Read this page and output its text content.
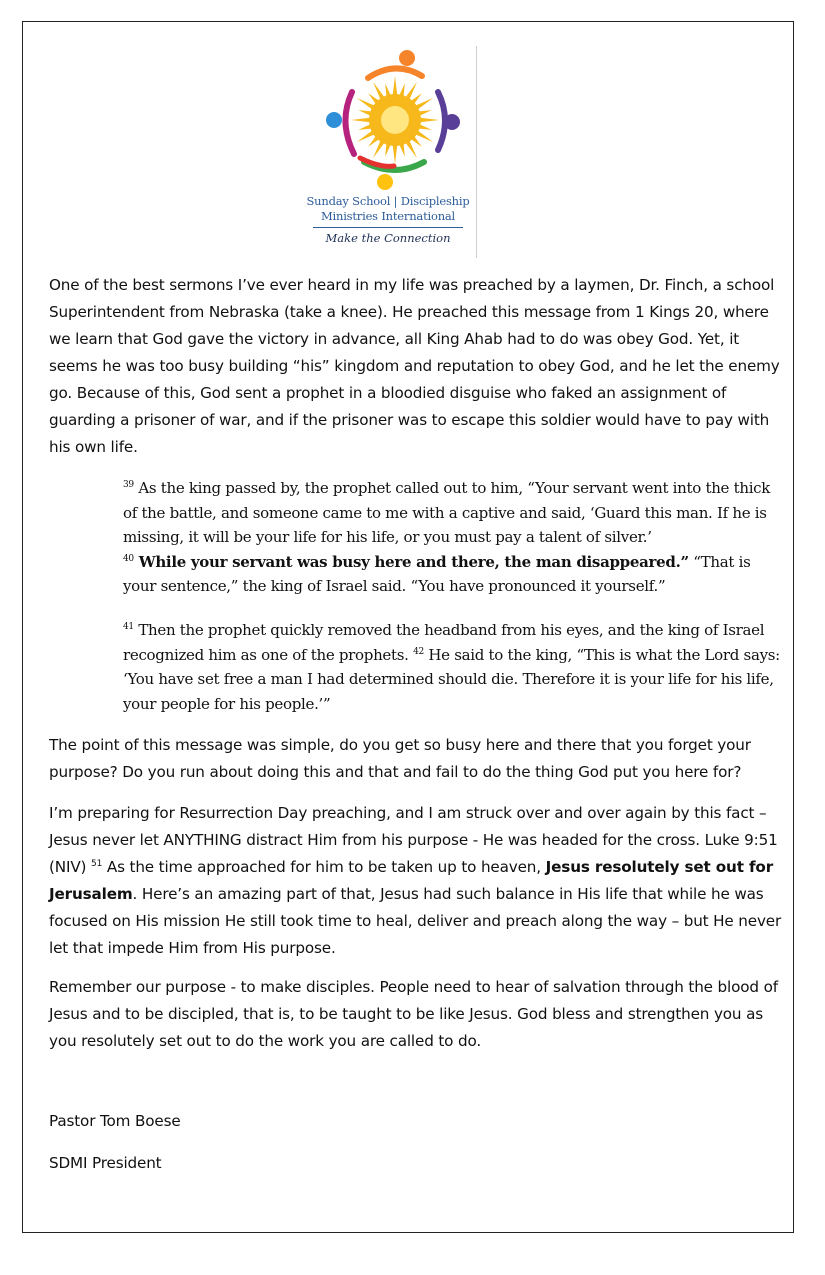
Sunday School | Discipleship
Ministries International
Make the Connection
One of the best sermons I’ve ever heard in my life was preached by a laymen, Dr. Finch, a school Superintendent from Nebraska (take a knee). He preached this message from 1 Kings 20, where we learn that God gave the victory in advance, all King Ahab had to do was obey God. Yet, it seems he was too busy building “his” kingdom and reputation to obey God, and he let the enemy go. Because of this, God sent a prophet in a bloodied disguise who faked an assignment of guarding a prisoner of war, and if the prisoner was to escape this soldier would have to pay with his own life.
$^{39}$ As the king passed by, the prophet called out to him, “Your servant went into the thick of the battle, and someone came to me with a captive and said, ‘Guard this man. If he is missing, it will be your life for his life, or you must pay a talent of silver.’
$^{40}$ While your servant was busy here and there, the man disappeared.” “That is your sentence,” the king of Israel said. “You have pronounced it yourself.”
$^{41}$ Then the prophet quickly removed the headband from his eyes, and the king of Israel recognized him as one of the prophets. $^{42}$ He said to the king, “This is what the Lord says: ‘You have set free a man I had determined should die. Therefore it is your life for his life, your people for his people.’”
The point of this message was simple, do you get so busy here and there that you forget your purpose? Do you run about doing this and that and fail to do the thing God put you here for?
I’m preparing for Resurrection Day preaching, and I am struck over and over again by this fact – Jesus never let ANYTHING distract Him from his purpose - He was headed for the cross. Luke 9:51 (NIV) $^{51}$ As the time approached for him to be taken up to heaven, Jesus resolutely set out for Jerusalem. Here’s an amazing part of that, Jesus had such balance in His life that while he was focused on His mission He still took time to heal, deliver and preach along the way – but He never let that impede Him from His purpose.
Remember our purpose - to make disciples. People need to hear of salvation through the blood of Jesus and to be discipled, that is, to be taught to be like Jesus. God bless and strengthen you as you resolutely set out to do the work you are called to do.
Pastor Tom Boese
SDMI President
